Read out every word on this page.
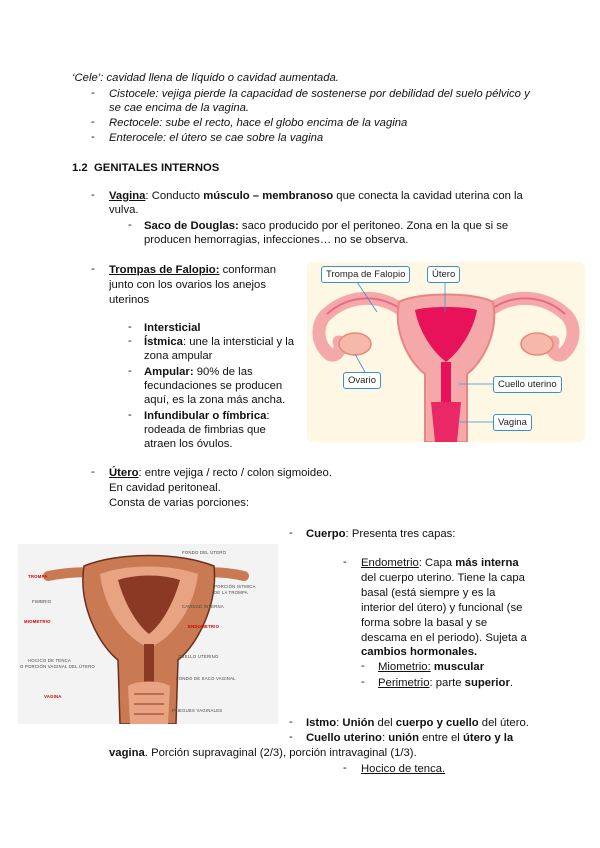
‘Cele’: cavidad llena de líquido o cavidad aumentada.
- Cistocele: vejiga pierde la capacidad de sostenerse por debilidad del suelo pélvico y
se cae encima de la vagina.
- Rectocele: sube el recto, hace el globo encima de la vagina
- Enterocele: el útero se cae sobre la vagina
1.2 GENITALES INTERNOS
- Vagina: Conducto músculo – membranoso que conecta la cavidad uterina con la
vulva.
- Saco de Douglas: saco producido por el peritoneo. Zona en la que si se
producen hemorragias, infecciones… no se observa.
- Trompas de Falopio: conforman
junto con los ovarios los anejos
uterinos
- Intersticial
- Ístmica: une la intersticial y la
zona ampular
- Ampular: 90% de las
fecundaciones se producen
aquí, es la zona más ancha.
- Infundibular o fímbrica:
rodeada de fimbrias que
atraen los óvulos.
Trompa de Falopio	Útero
Ovario	Cuello uterino
Vagina
- Útero: entre vejiga / recto / colon sigmoideo.
En cavidad peritoneal.
Consta de varias porciones:
- Cuerpo: Presenta tres capas:
- Endometrio: Capa más interna
del cuerpo uterino. Tiene la capa
basal (está siempre y es la
interior del útero) y funcional (se
forma sobre la basal y se
descama en el periodo). Sujeta a
cambios hormonales.
- Miometrio: muscular
- Perimetrio: parte superior.
TROMPA
FIMBRIO
MIOMETRIO
HOCICO DE TENCA
O PORCIÓN VAGINAL DEL ÚTERO
VAGINA
FONDO DEL ÚTERO
PORCIÓN ISTMICA
DE LA TROMPA
CAVIDAD INTERNA
ENDOMETRIO
CUELLO UTERINO
FONDO DE SACO VAGINAL
PLIEGUES VAGINALES
- Istmo: Unión del cuerpo y cuello del útero.
- Cuello uterino: unión entre el útero y la
vagina. Porción supravaginal (2/3), porción intravaginal (1/3).
- Hocico de tenca.
